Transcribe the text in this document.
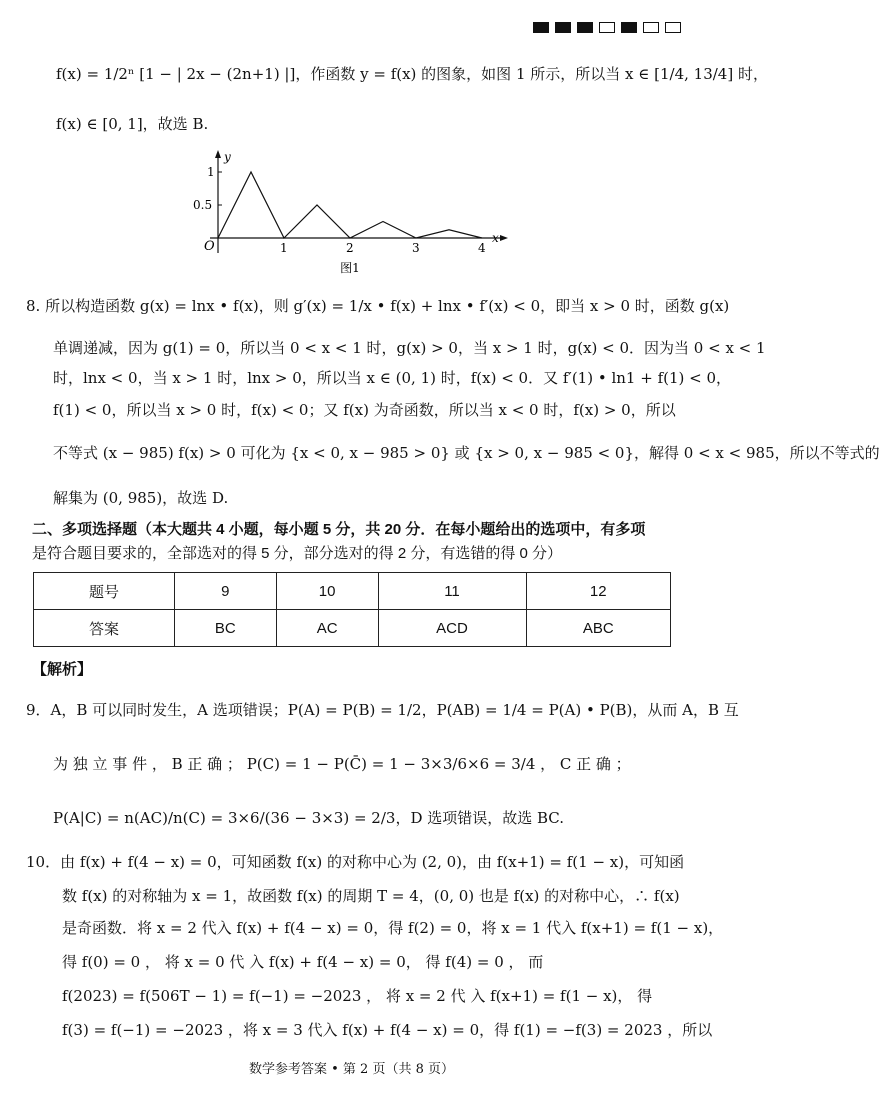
f(x) = 1/2ⁿ [1 − | 2x − (2n+1) |]，作函数 y = f(x) 的图象，如图 1 所示，所以当 x ∈ [1/4, 13/4] 时，
f(x) ∈ [0, 1]，故选 B.
1	2	3	4
1
0.5
y
x
O
图1
8. 所以构造函数 g(x) = lnx • f(x)，则 g′(x) = 1/x • f(x) + lnx • f′(x) < 0，即当 x > 0 时，函数 g(x)
单调递减，因为 g(1) = 0，所以当 0 < x < 1 时，g(x) > 0，当 x > 1 时，g(x) < 0．因为当 0 < x < 1
时，lnx < 0，当 x > 1 时，lnx > 0，所以当 x ∈ (0, 1) 时，f(x) < 0．又 f′(1) • ln1 + f(1) < 0，
f(1) < 0，所以当 x > 0 时，f(x) < 0；又 f(x) 为奇函数，所以当 x < 0 时，f(x) > 0，所以
不等式 (x − 985) f(x) > 0 可化为 {x < 0, x − 985 > 0} 或 {x > 0, x − 985 < 0}，解得 0 < x < 985，所以不等式的
解集为 (0, 985)，故选 D.
二、多项选择题（本大题共 4 小题，每小题 5 分，共 20 分．在每小题给出的选项中，有多项
是符合题目要求的，全部选对的得 5 分，部分选对的得 2 分，有选错的得 0 分）
题号	9	10	11	12
答案	BC	AC	ACD	ABC
【解析】
9．A，B 可以同时发生，A 选项错误；P(A) = P(B) = 1/2，P(AB) = 1/4 = P(A) • P(B)，从而 A，B 互
为 独 立 事 件 ， B 正 确 ； P(C) = 1 − P(C̄) = 1 − 3×3/6×6 = 3/4 ， C 正 确 ；
P(A|C) = n(AC)/n(C) = 3×6/(36 − 3×3) = 2/3，D 选项错误，故选 BC.
10．由 f(x) + f(4 − x) = 0，可知函数 f(x) 的对称中心为 (2, 0)，由 f(x+1) = f(1 − x)，可知函
数 f(x) 的对称轴为 x = 1，故函数 f(x) 的周期 T = 4，(0, 0) 也是 f(x) 的对称中心，∴ f(x)
是奇函数．将 x = 2 代入 f(x) + f(4 − x) = 0，得 f(2) = 0，将 x = 1 代入 f(x+1) = f(1 − x)，
得 f(0) = 0 ， 将 x = 0 代 入 f(x) + f(4 − x) = 0， 得 f(4) = 0 ， 而
f(2023) = f(506T − 1) = f(−1) = −2023 ， 将 x = 2 代 入 f(x+1) = f(1 − x)， 得
f(3) = f(−1) = −2023 ，将 x = 3 代入 f(x) + f(4 − x) = 0，得 f(1) = −f(3) = 2023 ，所以
数学参考答案 • 第 2 页（共 8 页）
